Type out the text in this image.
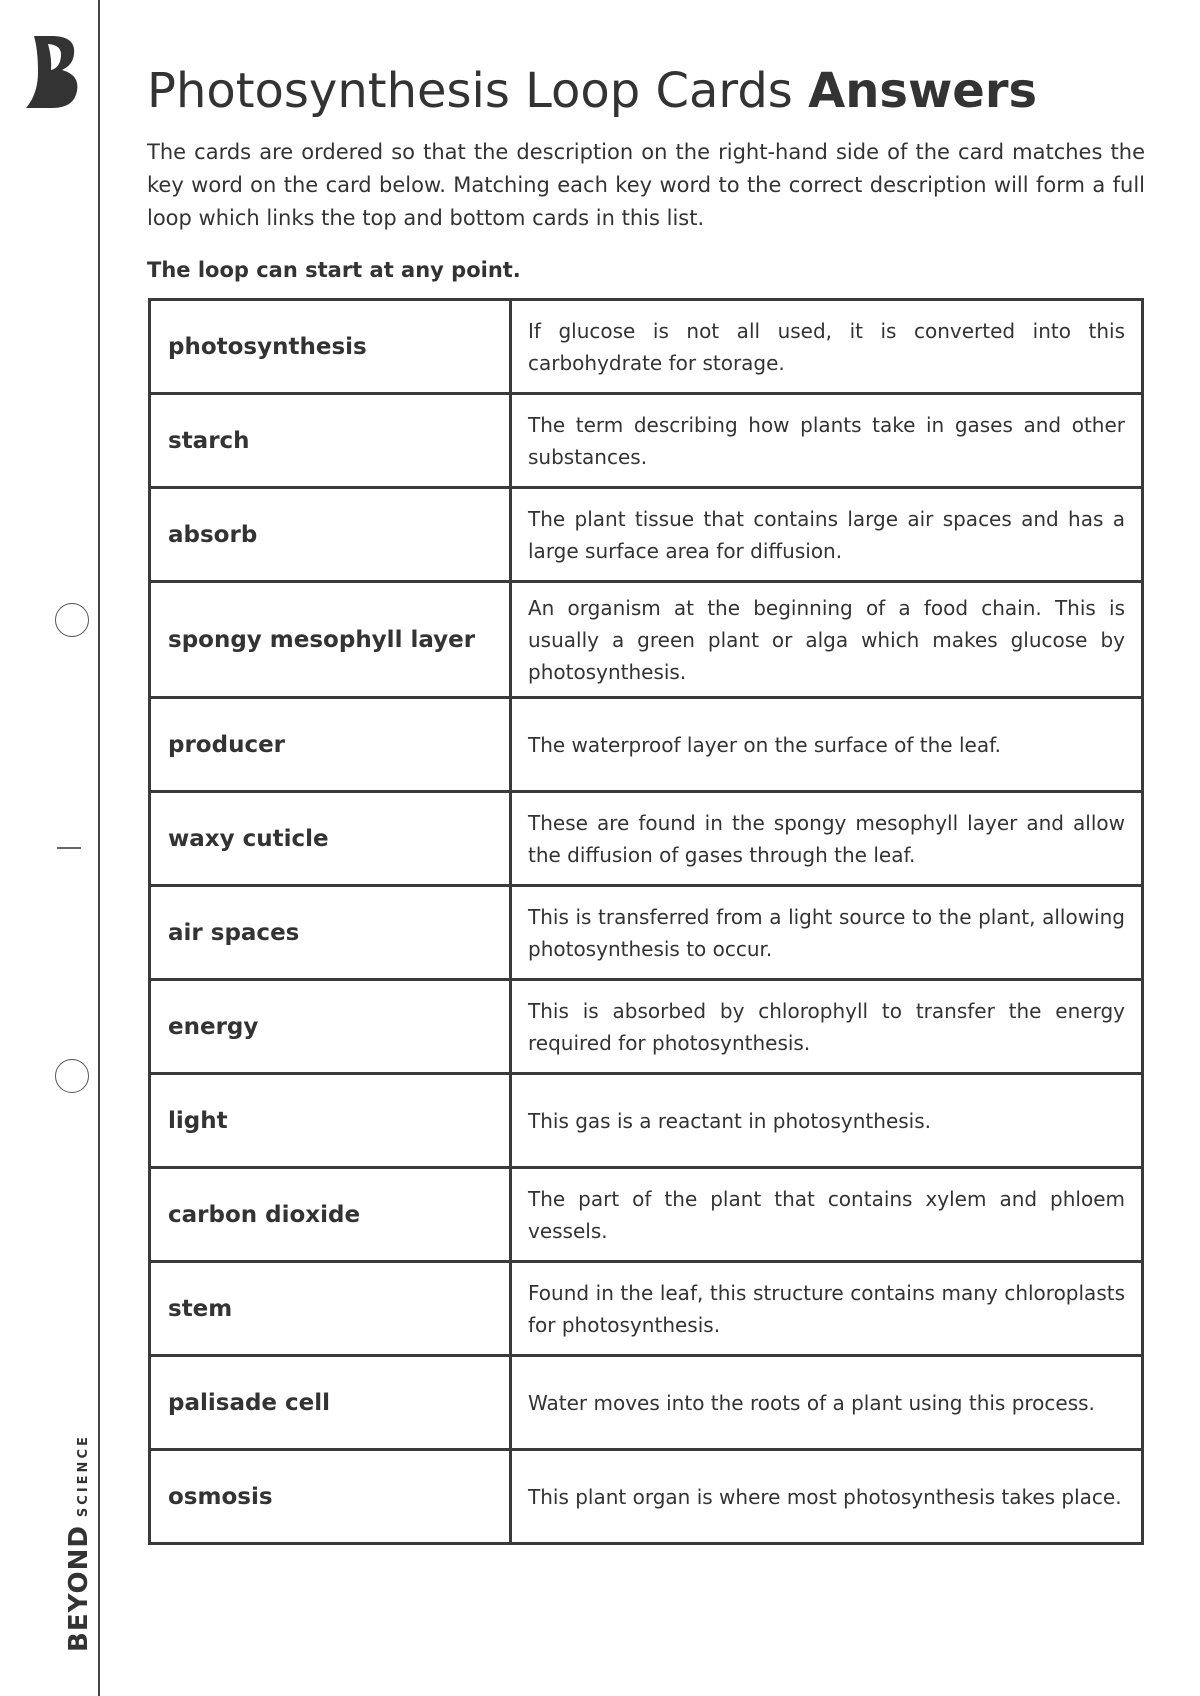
BEYONDSCIENCE
Photosynthesis Loop Cards Answers

The cards are ordered so that the description on the right-hand side of the card matches the key word on the card below. Matching each key word to the correct description will form a full loop which links the top and bottom cards in this list.

The loop can start at any point.

photosynthesis	If glucose is not all used, it is converted into this carbohydrate for storage.
starch	The term describing how plants take in gases and other substances.
absorb	The plant tissue that contains large air spaces and has a large surface area for diffusion.
spongy mesophyll layer	An organism at the beginning of a food chain. This is usually a green plant or alga which makes glucose by photosynthesis.
producer	The waterproof layer on the surface of the leaf.
waxy cuticle	These are found in the spongy mesophyll layer and allow the diffusion of gases through the leaf.
air spaces	This is transferred from a light source to the plant, allowing photosynthesis to occur.
energy	This is absorbed by chlorophyll to transfer the energy required for photosynthesis.
light	This gas is a reactant in photosynthesis.
carbon dioxide	The part of the plant that contains xylem and phloem vessels.
stem	Found in the leaf, this structure contains many chloroplasts for photosynthesis.
palisade cell	Water moves into the roots of a plant using this process.
osmosis	This plant organ is where most photosynthesis takes place.
